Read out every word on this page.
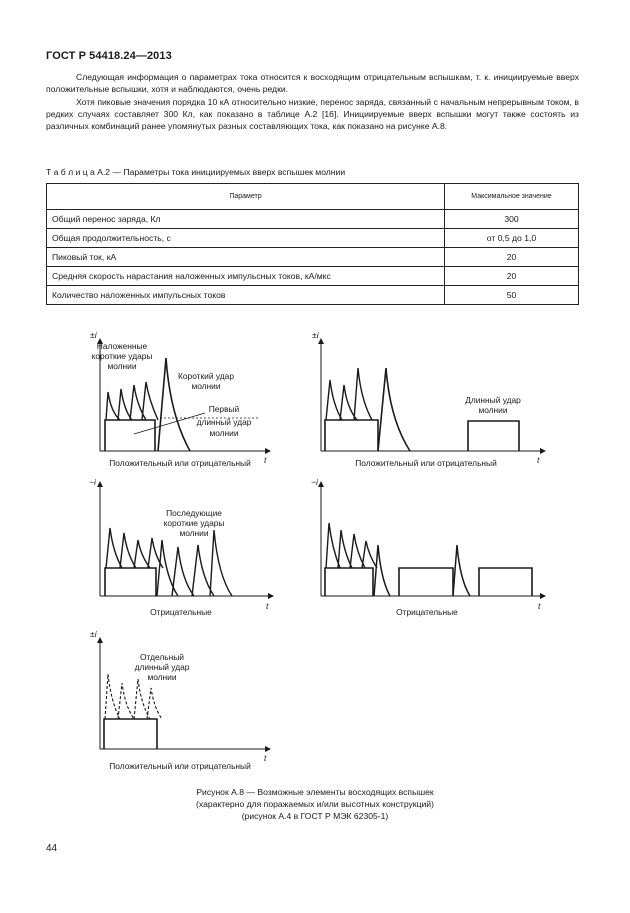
ГОСТ Р 54418.24—2013
Следующая информация о параметрах тока относится к восходящим отрицательным вспышкам, т. к. инициируемые вверх положительные вспышки, хотя и наблюдаются, очень редки.
Хотя пиковые значения порядка 10 кА относительно низкие, перенос заряда, связанный с начальным непрерывным током, в редких случаях составляет 300 Кл, как показано в таблице А.2 [16]. Инициируемые вверх вспышки могут также состоять из различных комбинаций ранее упомянутых разных составляющих тока, как показано на рисунке А.8.
Т а б л и ц а А.2 — Параметры тока инициируемых вверх вспышек молнии
Параметр	Максимальное значение
Общий перенос заряда, Кл	300
Общая продолжительность, с	от 0,5 до 1,0
Пиковый ток, кА	20
Средняя скорость нарастания наложенных импульсных токов, кА/мкс	20
Количество наложенных импульсных токов	50
±i
t
Наложенные
короткие удары
молнии
Короткий удар
молнии
Первый
длинный удар
молнии
Положительный или отрицательный
±i
t
Длинный удар
молнии
Положительный или отрицательный
−i
t
Последующие
короткие удары
молнии
Отрицательные
−i
t
Отрицательные
±i
t
Отдельный
длинный удар
молнии
Положительный или отрицательный
Рисунок А.8 — Возможные элементы восходящих вспышек
(характерно для поражаемых и/или высотных конструкций)
(рисунок А.4 в ГОСТ Р МЭК 62305-1)
44
